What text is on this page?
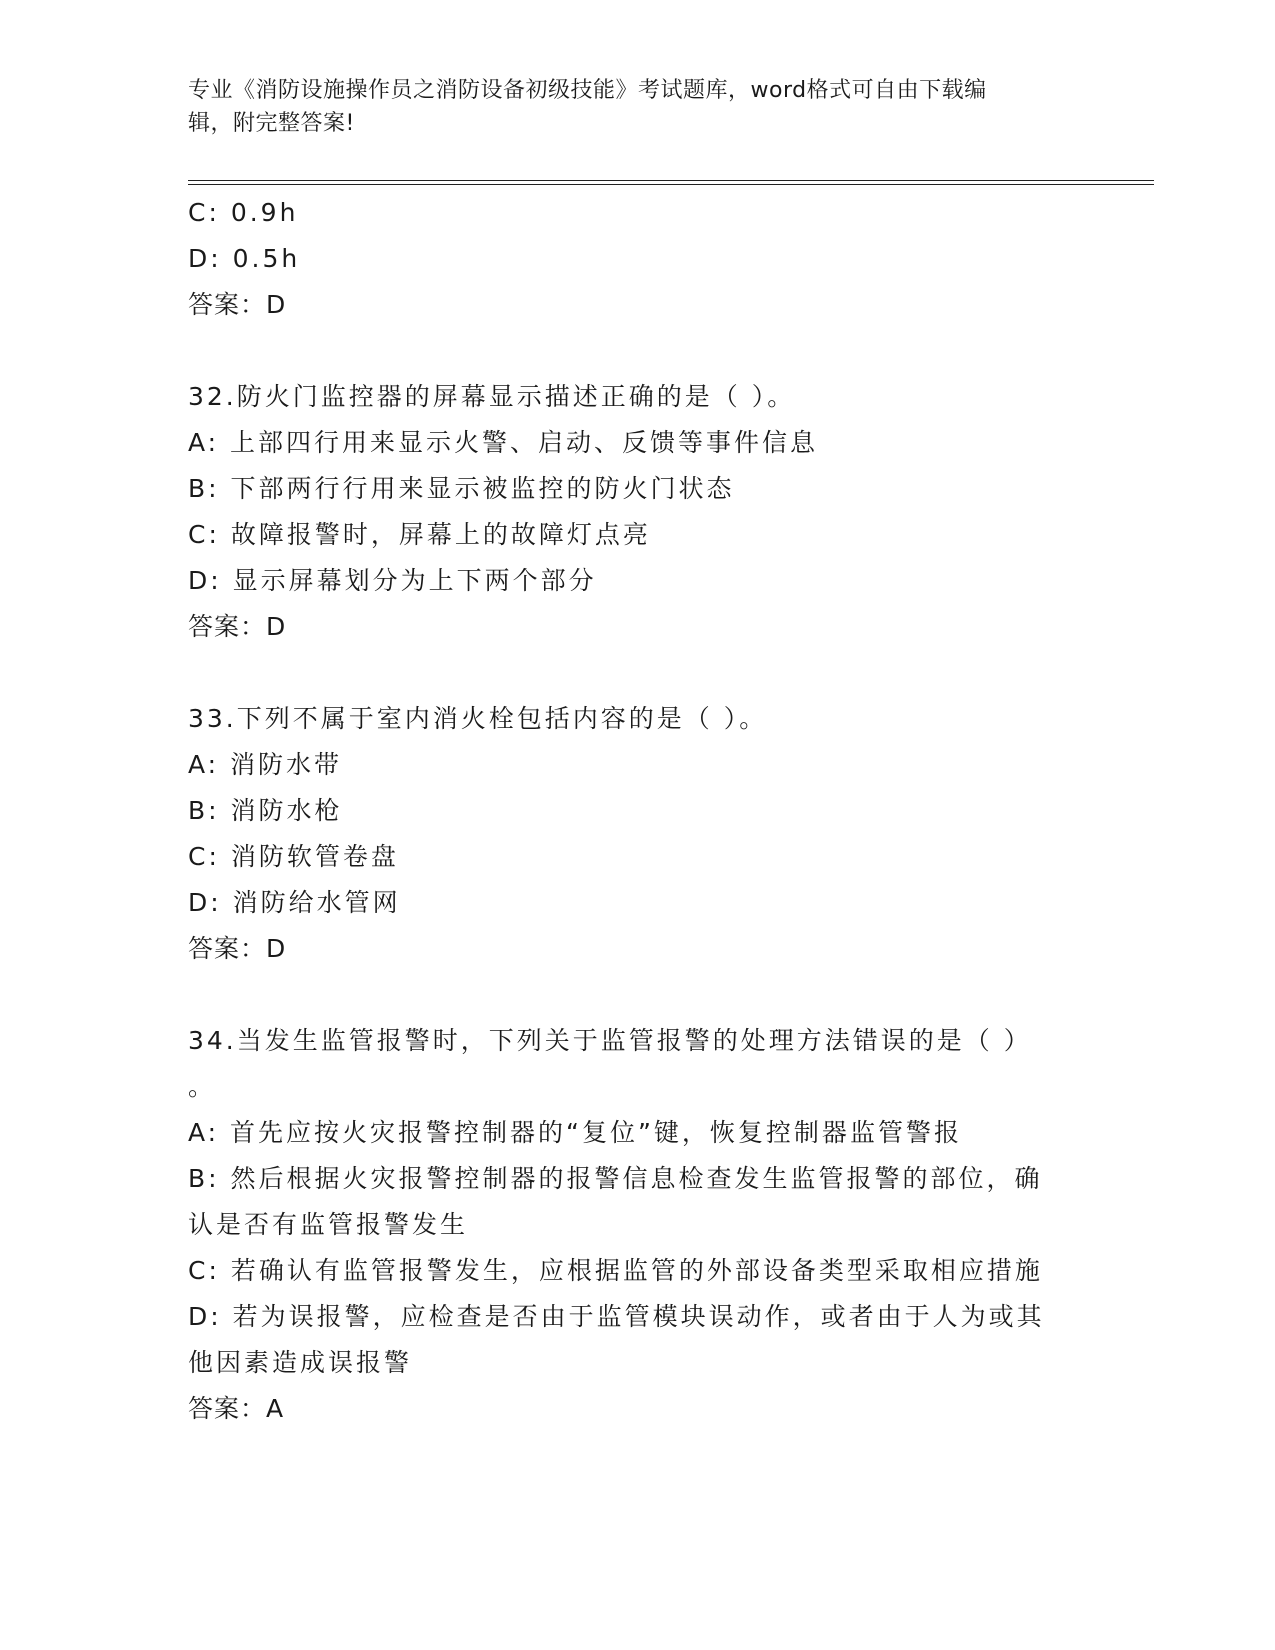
专业《消防设施操作员之消防设备初级技能》考试题库，word格式可自由下载编
辑，附完整答案!
C: 0.9h
D: 0.5h
答案：D
32.防火门监控器的屏幕显示描述正确的是（ ）。
A: 上部四行用来显示火警、启动、反馈等事件信息
B: 下部两行行用来显示被监控的防火门状态
C: 故障报警时，屏幕上的故障灯点亮
D: 显示屏幕划分为上下两个部分
答案：D
33.下列不属于室内消火栓包括内容的是（ ）。
A: 消防水带
B: 消防水枪
C: 消防软管卷盘
D: 消防给水管网
答案：D
34.当发生监管报警时，下列关于监管报警的处理方法错误的是（ ）
。
A: 首先应按火灾报警控制器的“复位”键，恢复控制器监管警报
B: 然后根据火灾报警控制器的报警信息检查发生监管报警的部位，确
认是否有监管报警发生
C: 若确认有监管报警发生，应根据监管的外部设备类型采取相应措施
D: 若为误报警，应检查是否由于监管模块误动作，或者由于人为或其
他因素造成误报警
答案：A
